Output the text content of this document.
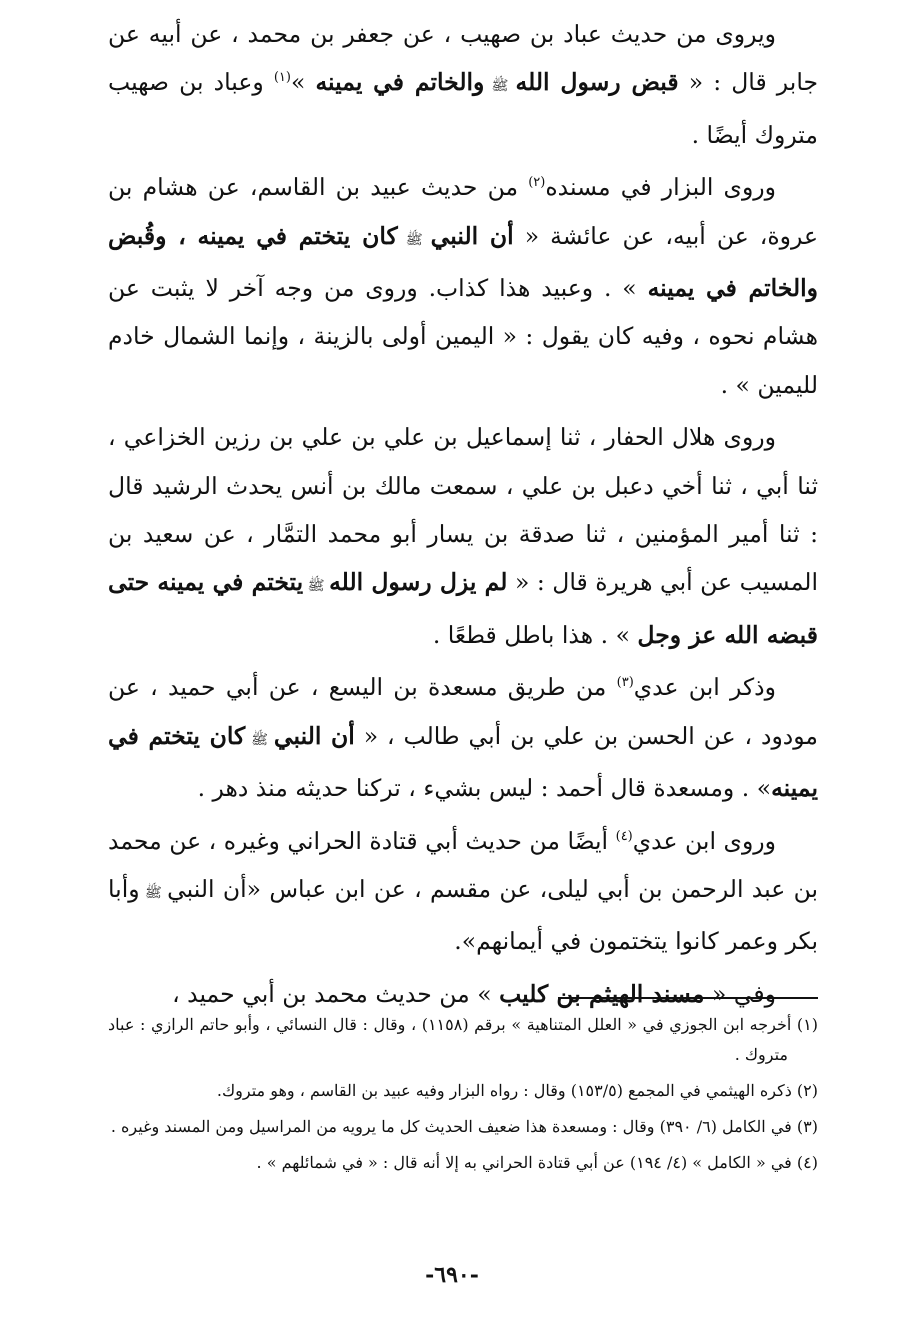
ويروى من حديث عباد بن صهيب ، عن جعفر بن محمد ، عن أبيه عن جابر قال : « قبض رسول الله ﷺ والخاتم في يمينه »$^{(١)}$ وعباد بن صهيب متروك أيضًا .

وروى البزار في مسنده$^{(٢)}$ من حديث عبيد بن القاسم، عن هشام بن عروة، عن أبيه، عن عائشة « أن النبي ﷺ كان يتختم في يمينه ، وقُبض والخاتم في يمينه » . وعبيد هذا كذاب. وروى من وجه آخر لا يثبت عن هشام نحوه ، وفيه كان يقول : « اليمين أولى بالزينة ، وإنما الشمال خادم لليمين » .

وروى هلال الحفار ، ثنا إسماعيل بن علي بن علي بن رزين الخزاعي ، ثنا أبي ، ثنا أخي دعبل بن علي ، سمعت مالك بن أنس يحدث الرشيد قال : ثنا أمير المؤمنين ، ثنا صدقة بن يسار أبو محمد التمَّار ، عن سعيد بن المسيب عن أبي هريرة قال : « لم يزل رسول الله ﷺ يتختم في يمينه حتى قبضه الله عز وجل » . هذا باطل قطعًا .

وذكر ابن عدي$^{(٣)}$ من طريق مسعدة بن اليسع ، عن أبي حميد ، عن مودود ، عن الحسن بن علي بن أبي طالب ، « أن النبي ﷺ كان يتختم في يمينه» . ومسعدة قال أحمد : ليس بشيء ، تركنا حديثه منذ دهر .

وروى ابن عدي$^{(٤)}$ أيضًا من حديث أبي قتادة الحراني وغيره ، عن محمد بن عبد الرحمن بن أبي ليلى، عن مقسم ، عن ابن عباس «أن النبي ﷺ وأبا بكر وعمر كانوا يتختمون في أيمانهم».

وفي « مسند الهيثم بن كليب » من حديث محمد بن أبي حميد ،

(١) أخرجه ابن الجوزي في « العلل المتناهية » برقم (١١٥٨) ، وقال : قال النسائي ، وأبو حاتم الرازي : عباد متروك .

(٢) ذكره الهيثمي في المجمع (١٥٣/٥) وقال : رواه البزار وفيه عبيد بن القاسم ، وهو متروك.

(٣) في الكامل (٦/ ٣٩٠) وقال : ومسعدة هذا ضعيف الحديث كل ما يرويه من المراسيل ومن المسند وغيره .

(٤) في « الكامل » (٤/ ١٩٤) عن أبي قتادة الحراني به إلا أنه قال : « في شمائلهم » .

-٦٩٠-
